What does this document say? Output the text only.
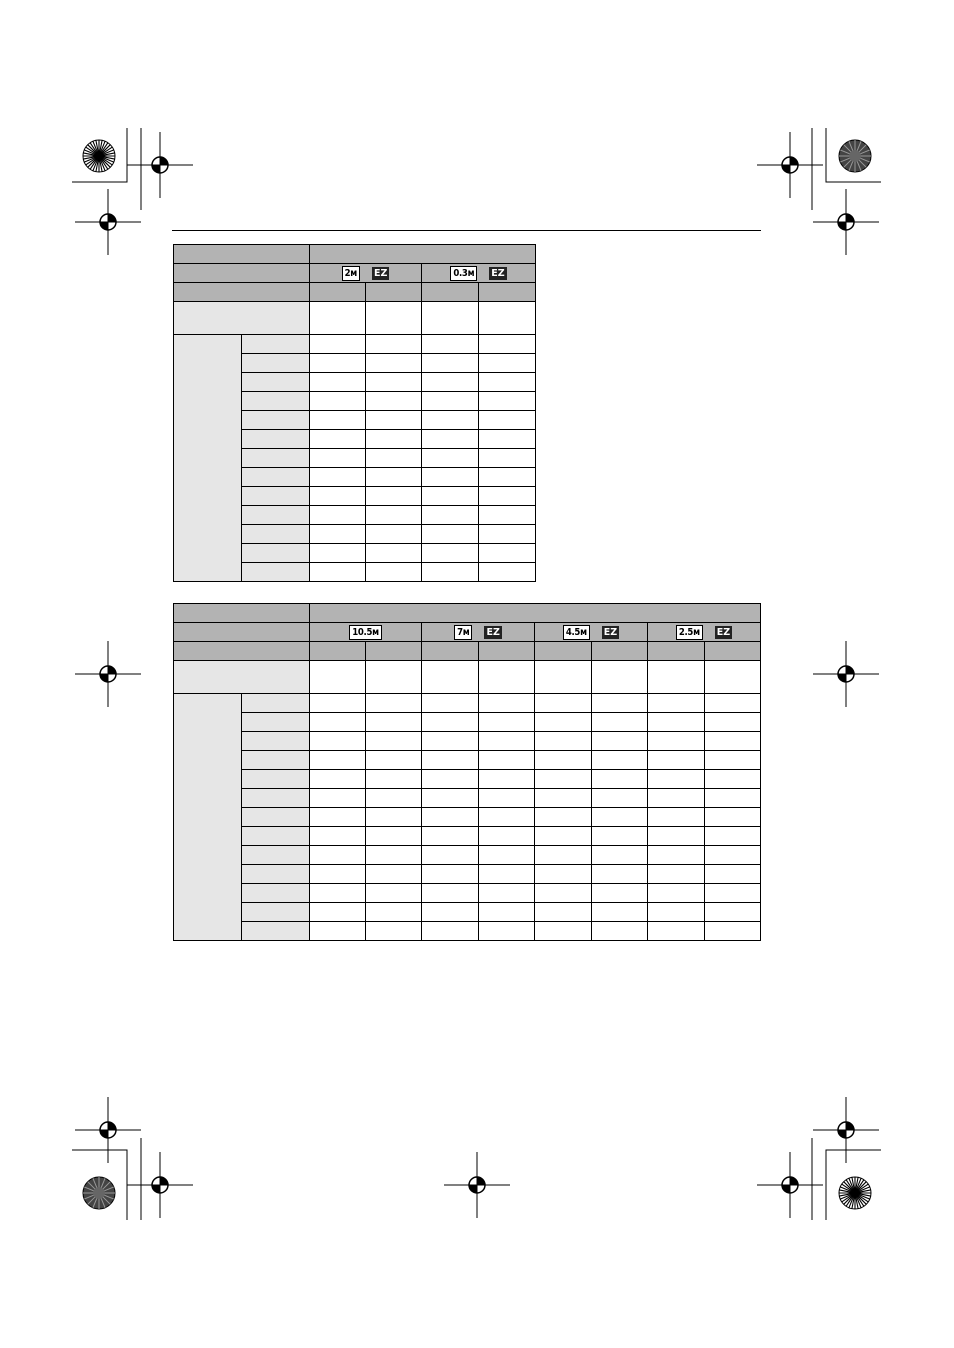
		2м EZ		0.3м EZ	

		10.5м		7м EZ		4.5м EZ		2.5м EZ	
